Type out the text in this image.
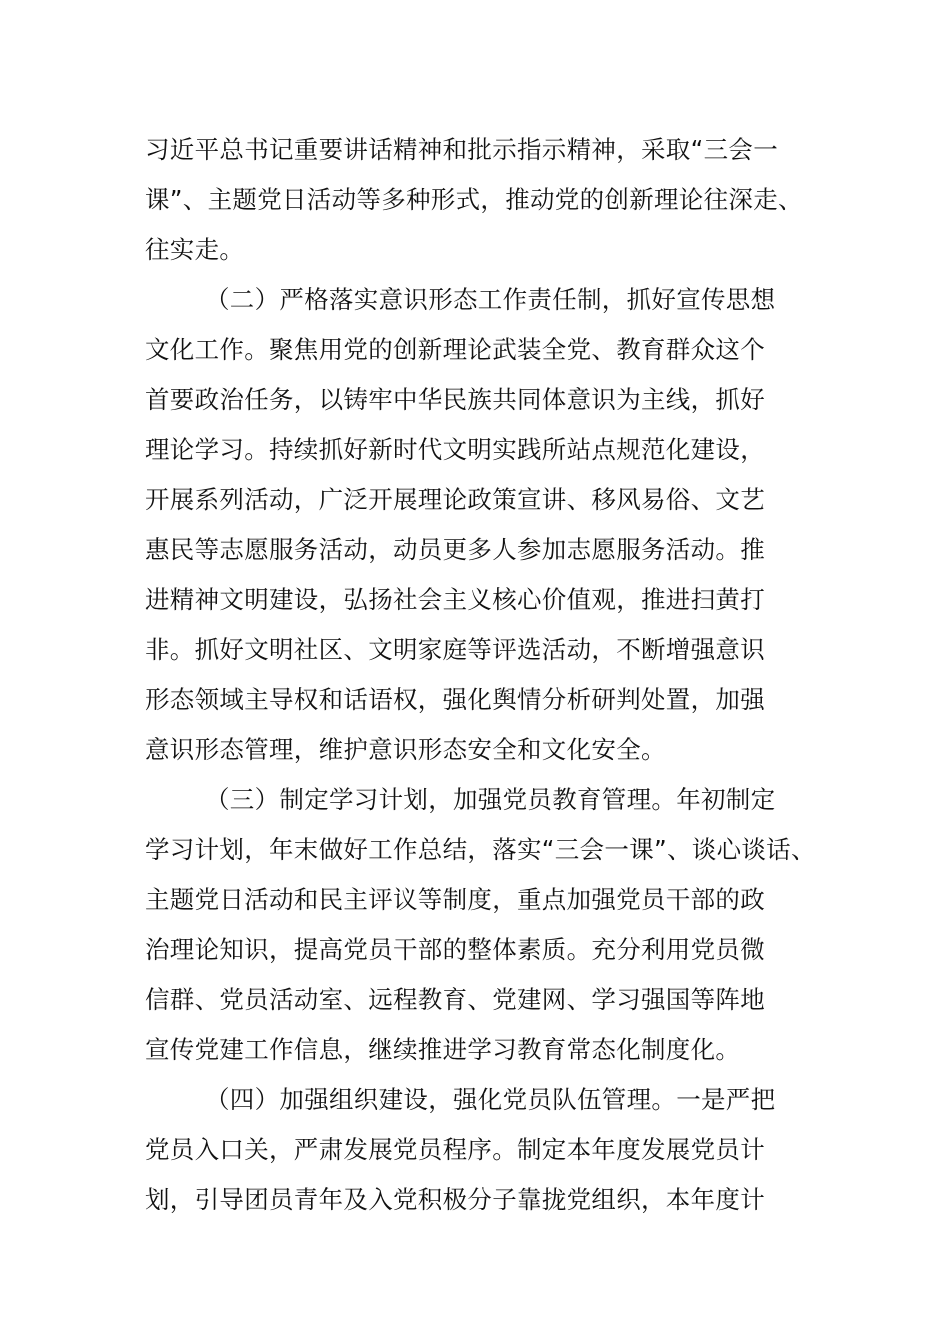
习近平总书记重要讲话精神和批示指示精神，采取“三会一
课”、主题党日活动等多种形式，推动党的创新理论往深走、
往实走。
（二）严格落实意识形态工作责任制，抓好宣传思想
文化工作。聚焦用党的创新理论武装全党、教育群众这个
首要政治任务，以铸牢中华民族共同体意识为主线，抓好
理论学习。持续抓好新时代文明实践所站点规范化建设，
开展系列活动，广泛开展理论政策宣讲、移风易俗、文艺
惠民等志愿服务活动，动员更多人参加志愿服务活动。推
进精神文明建设，弘扬社会主义核心价值观，推进扫黄打
非。抓好文明社区、文明家庭等评选活动，不断增强意识
形态领域主导权和话语权，强化舆情分析研判处置，加强
意识形态管理，维护意识形态安全和文化安全。
（三）制定学习计划，加强党员教育管理。年初制定
学习计划，年末做好工作总结，落实“三会一课”、谈心谈话、
主题党日活动和民主评议等制度，重点加强党员干部的政
治理论知识，提高党员干部的整体素质。充分利用党员微
信群、党员活动室、远程教育、党建网、学习强国等阵地
宣传党建工作信息，继续推进学习教育常态化制度化。
（四）加强组织建设，强化党员队伍管理。一是严把
党员入口关，严肃发展党员程序。制定本年度发展党员计
划，引导团员青年及入党积极分子靠拢党组织，本年度计
